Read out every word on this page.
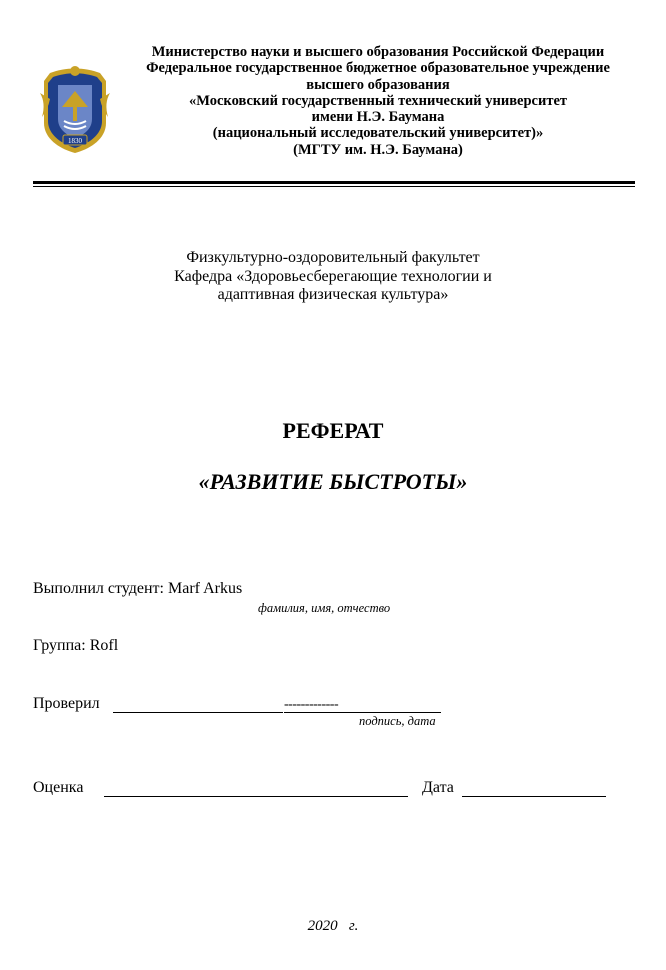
1830
Министерство науки и высшего образования Российской Федерации
Федеральное государственное бюджетное образовательное учреждение
высшего образования
«Московский государственный технический университет
имени Н.Э. Баумана
(национальный исследовательский университет)»
(МГТУ им. Н.Э. Баумана)
Физкультурно-оздоровительный факультет
Кафедра «Здоровьесберегающие технологии и
адаптивная физическая культура»
РЕФЕРАТ
«РАЗВИТИЕ БЫСТРОТЫ»
Выполнил студент: Marf Arkus
фамилия, имя, отчество
Группа: Rofl
Проверил	-------------
подпись, дата
Оценка	Дата
2020 г.
